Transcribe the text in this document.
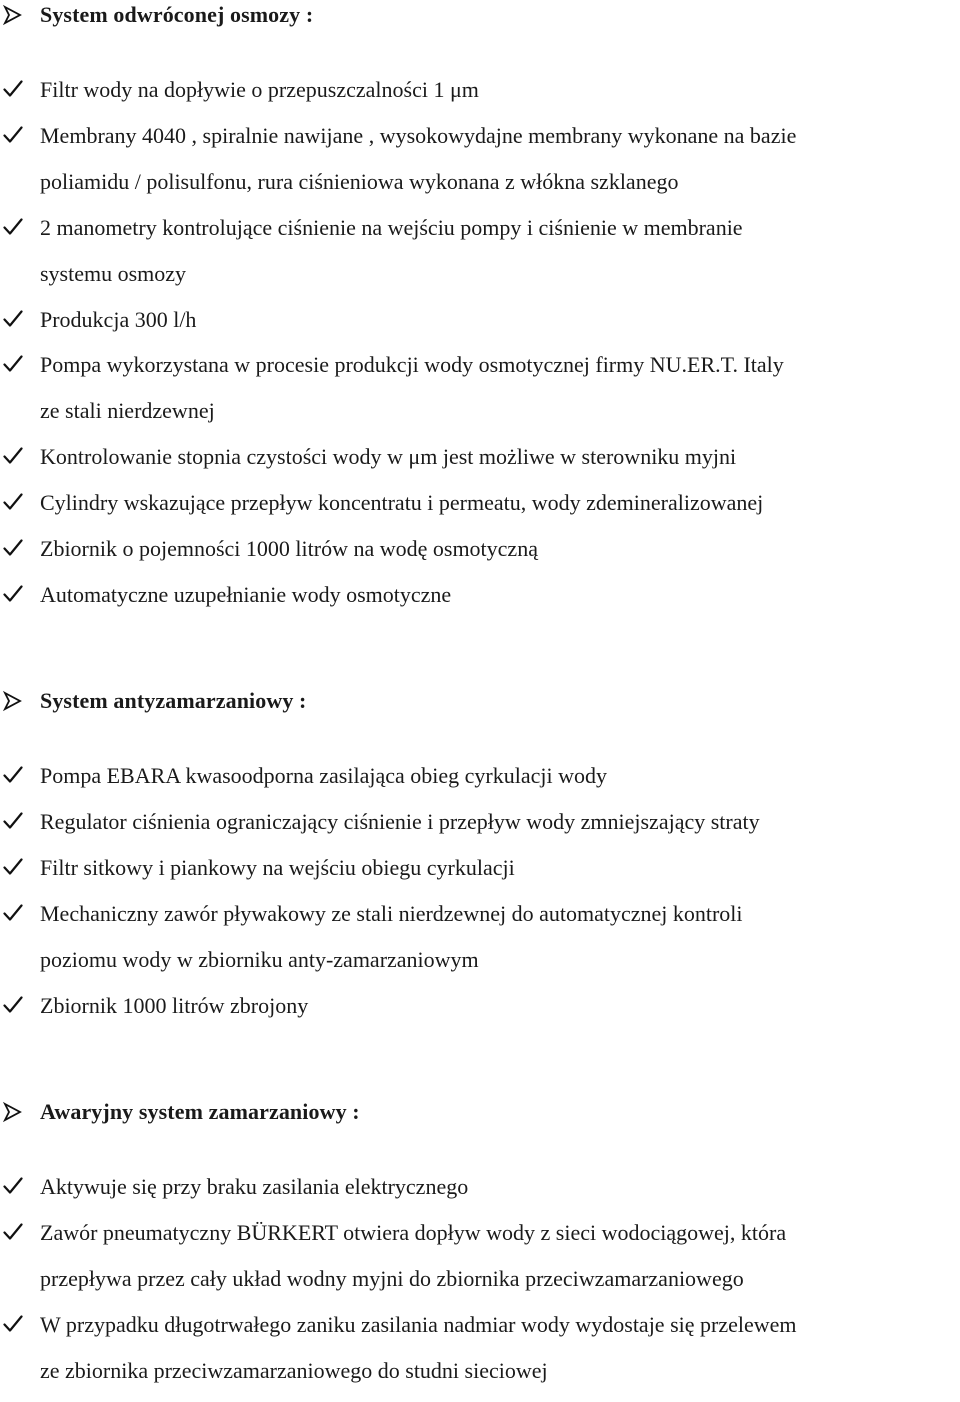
System odwróconej osmozy :
Filtr wody na dopływie o przepuszczalności 1 μm
Membrany 4040 , spiralnie nawijane , wysokowydajne membrany wykonane na bazie
poliamidu / polisulfonu, rura ciśnieniowa wykonana z włókna szklanego
2 manometry kontrolujące ciśnienie na wejściu pompy i ciśnienie w membranie
systemu osmozy
Produkcja 300 l/h
Pompa wykorzystana w procesie produkcji wody osmotycznej firmy NU.ER.T. Italy
ze stali nierdzewnej
Kontrolowanie stopnia czystości wody w μm jest możliwe w sterowniku myjni
Cylindry wskazujące przepływ koncentratu i permeatu, wody zdemineralizowanej
Zbiornik o pojemności 1000 litrów na wodę osmotyczną
Automatyczne uzupełnianie wody osmotyczne
System antyzamarzaniowy :
Pompa EBARA kwasoodporna zasilająca obieg cyrkulacji wody
Regulator ciśnienia ograniczający ciśnienie i przepływ wody zmniejszający straty
Filtr sitkowy i piankowy na wejściu obiegu cyrkulacji
Mechaniczny zawór pływakowy ze stali nierdzewnej do automatycznej kontroli
poziomu wody w zbiorniku anty-zamarzaniowym
Zbiornik 1000 litrów zbrojony
Awaryjny system zamarzaniowy :
Aktywuje się przy braku zasilania elektrycznego
Zawór pneumatyczny BÜRKERT otwiera dopływ wody z sieci wodociągowej, która
przepływa przez cały układ wodny myjni do zbiornika przeciwzamarzaniowego
W przypadku długotrwałego zaniku zasilania nadmiar wody wydostaje się przelewem
ze zbiornika przeciwzamarzaniowego do studni sieciowej
